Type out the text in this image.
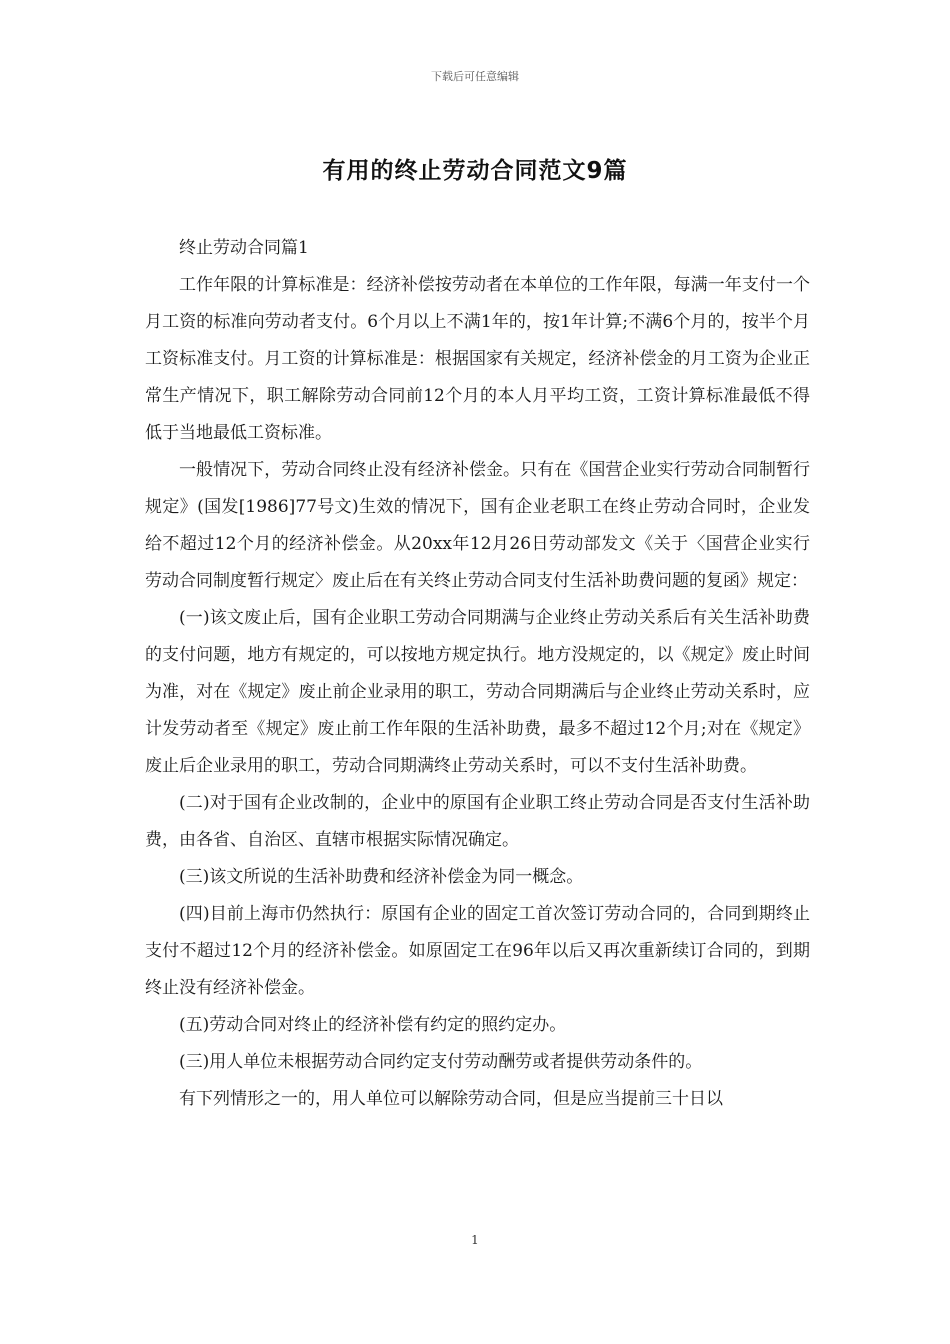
下载后可任意编辑
有用的终止劳动合同范文9篇

终止劳动合同篇1

工作年限的计算标准是：经济补偿按劳动者在本单位的工作年限，每满一年支付一个月工资的标准向劳动者支付。6个月以上不满1年的，按1年计算;不满6个月的，按半个月工资标准支付。月工资的计算标准是：根据国家有关规定，经济补偿金的月工资为企业正常生产情况下，职工解除劳动合同前12个月的本人月平均工资，工资计算标准最低不得低于当地最低工资标准。

一般情况下，劳动合同终止没有经济补偿金。只有在《国营企业实行劳动合同制暂行规定》(国发[1986]77号文)生效的情况下，国有企业老职工在终止劳动合同时，企业发给不超过12个月的经济补偿金。从20xx年12月26日劳动部发文《关于〈国营企业实行劳动合同制度暂行规定〉废止后在有关终止劳动合同支付生活补助费问题的复函》规定：

(一)该文废止后，国有企业职工劳动合同期满与企业终止劳动关系后有关生活补助费的支付问题，地方有规定的，可以按地方规定执行。地方没规定的，以《规定》废止时间为准，对在《规定》废止前企业录用的职工，劳动合同期满后与企业终止劳动关系时，应计发劳动者至《规定》废止前工作年限的生活补助费，最多不超过12个月;对在《规定》废止后企业录用的职工，劳动合同期满终止劳动关系时，可以不支付生活补助费。

(二)对于国有企业改制的，企业中的原国有企业职工终止劳动合同是否支付生活补助费，由各省、自治区、直辖市根据实际情况确定。

(三)该文所说的生活补助费和经济补偿金为同一概念。

(四)目前上海市仍然执行：原国有企业的固定工首次签订劳动合同的，合同到期终止支付不超过12个月的经济补偿金。如原固定工在96年以后又再次重新续订合同的，到期终止没有经济补偿金。

(五)劳动合同对终止的经济补偿有约定的照约定办。

(三)用人单位未根据劳动合同约定支付劳动酬劳或者提供劳动条件的。

有下列情形之一的，用人单位可以解除劳动合同，但是应当提前三十日以

1
